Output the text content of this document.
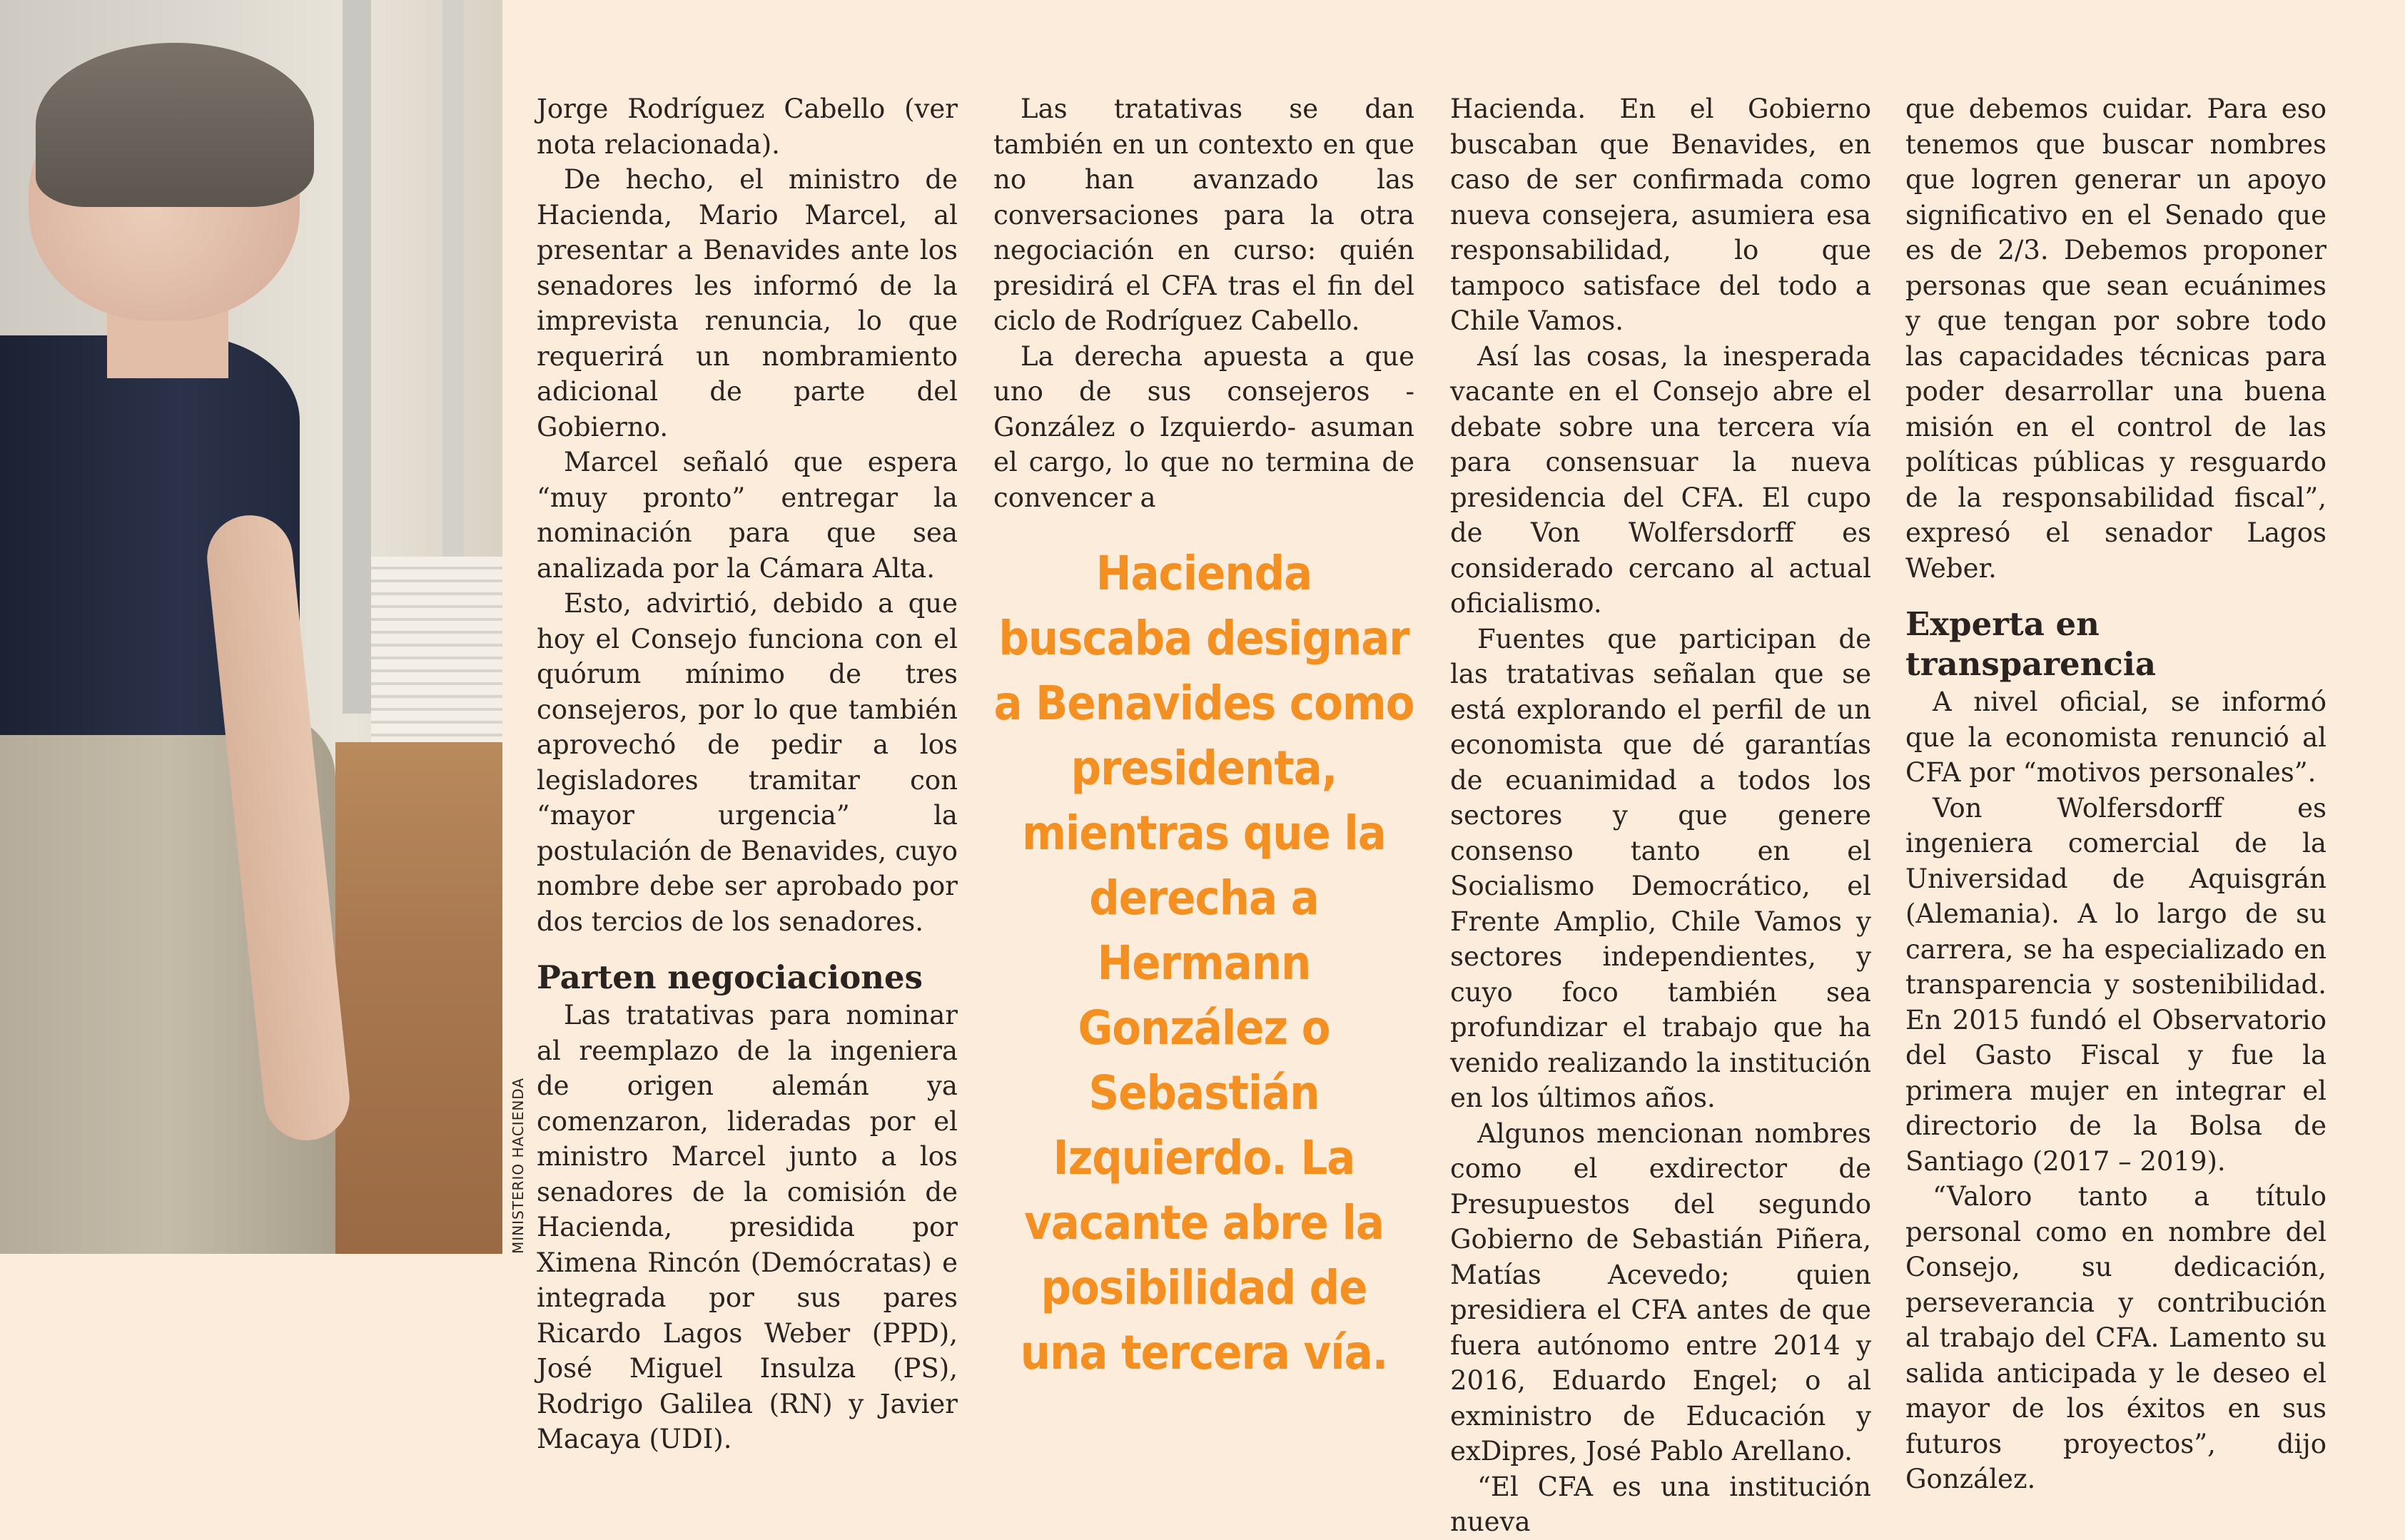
MINISTERIO HACIENDA

Jorge Rodríguez Cabello (ver nota relacionada).

De hecho, el ministro de Hacienda, Mario Marcel, al presentar a Benavides ante los senadores les informó de la imprevista renuncia, lo que requerirá un nombramiento adicional de parte del Gobierno.

Marcel señaló que espera “muy pronto” entregar la nominación para que sea analizada por la Cámara Alta.

Esto, advirtió, debido a que hoy el Consejo funciona con el quórum mínimo de tres consejeros, por lo que también aprovechó de pedir a los legisladores tramitar con “mayor urgencia” la postulación de Benavides, cuyo nombre debe ser aprobado por dos tercios de los senadores.

Parten negociaciones

Las tratativas para nominar al reemplazo de la ingeniera de origen alemán ya comenzaron, lideradas por el ministro Marcel junto a los senadores de la comisión de Hacienda, presidida por Ximena Rincón (Demócratas) e integrada por sus pares Ricardo Lagos Weber (PPD), José Miguel Insulza (PS), Rodrigo Galilea (RN) y Javier Macaya (UDI).

Las tratativas se dan también en un contexto en que no han avanzado las conversaciones para la otra negociación en curso: quién presidirá el CFA tras el fin del ciclo de Rodríguez Cabello.

La derecha apuesta a que uno de sus consejeros -González o Izquierdo- asuman el cargo, lo que no termina de convencer a

Hacienda buscaba designar a Benavides como presidenta, mientras que la derecha a Hermann González o Sebastián Izquierdo. La vacante abre la posibilidad de una tercera vía.

Hacienda. En el Gobierno buscaban que Benavides, en caso de ser confirmada como nueva consejera, asumiera esa responsabilidad, lo que tampoco satisface del todo a Chile Vamos.

Así las cosas, la inesperada vacante en el Consejo abre el debate sobre una tercera vía para consensuar la nueva presidencia del CFA. El cupo de Von Wolfersdorff es considerado cercano al actual oficialismo.

Fuentes que participan de las tratativas señalan que se está explorando el perfil de un economista que dé garantías de ecuanimidad a todos los sectores y que genere consenso tanto en el Socialismo Democrático, el Frente Amplio, Chile Vamos y sectores independientes, y cuyo foco también sea profundizar el trabajo que ha venido realizando la institución en los últimos años.

Algunos mencionan nombres como el exdirector de Presupuestos del segundo Gobierno de Sebastián Piñera, Matías Acevedo; quien presidiera el CFA antes de que fuera autónomo entre 2014 y 2016, Eduardo Engel; o al exministro de Educación y exDipres, José Pablo Arellano.

“El CFA es una institución nueva

que debemos cuidar. Para eso tenemos que buscar nombres que logren generar un apoyo significativo en el Senado que es de 2/3. Debemos proponer personas que sean ecuánimes y que tengan por sobre todo las capacidades técnicas para poder desarrollar una buena misión en el control de las políticas públicas y resguardo de la responsabilidad fiscal”, expresó el senador Lagos Weber.

Experta en transparencia

A nivel oficial, se informó que la economista renunció al CFA por “motivos personales”.

Von Wolfersdorff es ingeniera comercial de la Universidad de Aquisgrán (Alemania). A lo largo de su carrera, se ha especializado en transparencia y sostenibilidad. En 2015 fundó el Observatorio del Gasto Fiscal y fue la primera mujer en integrar el directorio de la Bolsa de Santiago (2017 – 2019).

“Valoro tanto a título personal como en nombre del Consejo, su dedicación, perseverancia y contribución al trabajo del CFA. Lamento su salida anticipada y le deseo el mayor de los éxitos en sus futuros proyectos”, dijo González.
